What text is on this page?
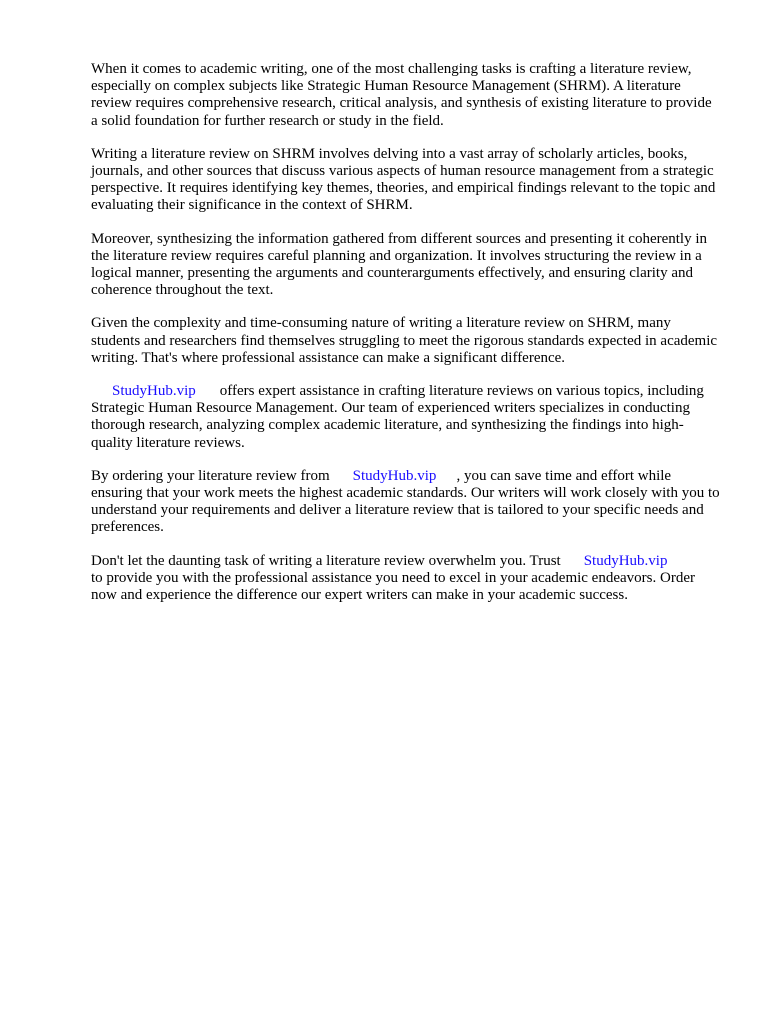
When it comes to academic writing, one of the most challenging tasks is crafting a literature review, especially on complex subjects like Strategic Human Resource Management (SHRM). A literature review requires comprehensive research, critical analysis, and synthesis of existing literature to provide a solid foundation for further research or study in the field.

Writing a literature review on SHRM involves delving into a vast array of scholarly articles, books, journals, and other sources that discuss various aspects of human resource management from a strategic perspective. It requires identifying key themes, theories, and empirical findings relevant to the topic and evaluating their significance in the context of SHRM.

Moreover, synthesizing the information gathered from different sources and presenting it coherently in the literature review requires careful planning and organization. It involves structuring the review in a logical manner, presenting the arguments and counterarguments effectively, and ensuring clarity and coherence throughout the text.

Given the complexity and time-consuming nature of writing a literature review on SHRM, many students and researchers find themselves struggling to meet the rigorous standards expected in academic writing. That's where professional assistance can make a significant difference.

StudyHub.vip offers expert assistance in crafting literature reviews on various topics, including Strategic Human Resource Management. Our team of experienced writers specializes in conducting thorough research, analyzing complex academic literature, and synthesizing the findings into high-quality literature reviews.

By ordering your literature review from StudyHub.vip , you can save time and effort while ensuring that your work meets the highest academic standards. Our writers will work closely with you to understand your requirements and deliver a literature review that is tailored to your specific needs and preferences.

Don't let the daunting task of writing a literature review overwhelm you. Trust StudyHub.vip
to provide you with the professional assistance you need to excel in your academic endeavors. Order now and experience the difference our expert writers can make in your academic success.
